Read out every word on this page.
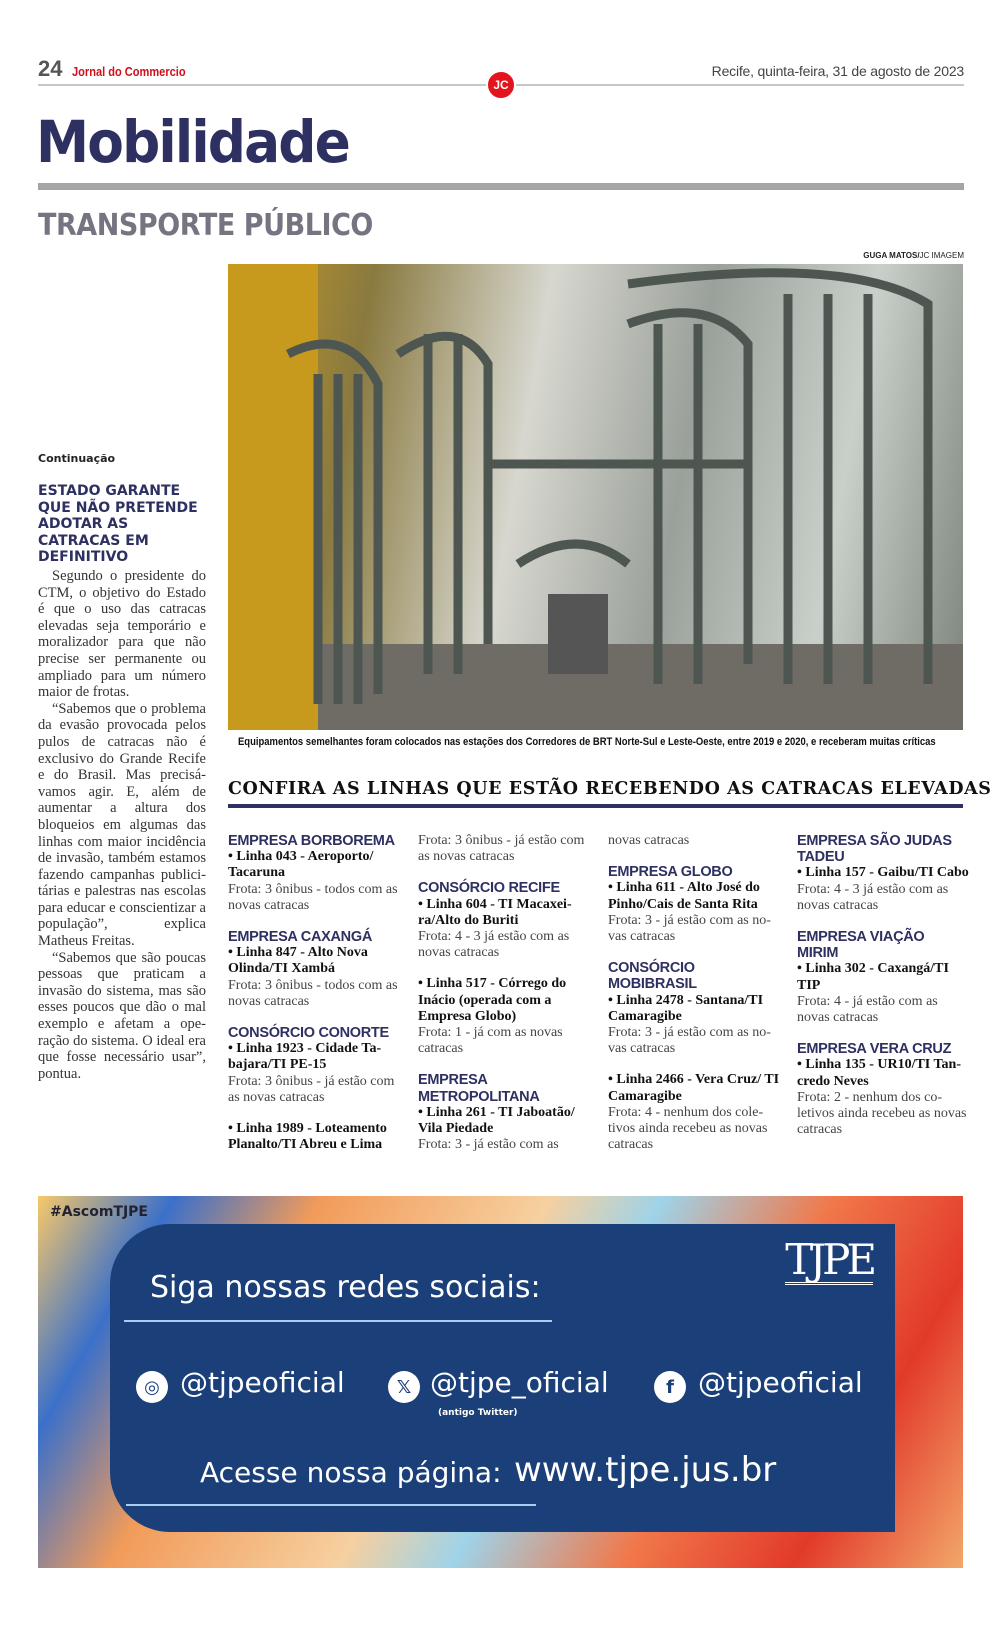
24 Jornal do Commercio	Recife, quinta-feira, 31 de agosto de 2023
JC
Mobilidade
TRANSPORTE PÚBLICO
GUGA MATOS/JC IMAGEM
Equipamentos semelhantes foram colocados nas estações dos Corredores de BRT Norte-Sul e Leste-Oeste, entre 2019 e 2020, e receberam muitas críticas
Continuação
ESTADO GARANTE QUE NÃO PRETENDE ADOTAR AS CATRACAS EM DEFINITIVO

Segundo o presidente do CTM, o objetivo do Estado é que o uso das catracas elevadas seja temporário e moralizador para que não precise ser permanente ou ampliado para um número maior de frotas.

“Sabemos que o problema da evasão provocada pelos pulos de catracas não é exclusivo do Grande Recife e do Brasil. Mas precisávamos agir. E, além de aumentar a altura dos bloqueios em algumas das linhas com maior incidência de invasão, também estamos fazendo campanhas publicitárias e palestras nas escolas para educar e conscientizar a população”, explica Matheus Freitas.

“Sabemos que são poucas pessoas que praticam a invasão do sistema, mas são esses poucos que dão o mal exemplo e afetam a operação do sistema. O ideal era que fosse necessário usar”, pontua.

CONFIRA AS LINHAS QUE ESTÃO RECEBENDO AS CATRACAS ELEVADAS
EMPRESA BORBOREMA
• Linha 043 - Aeroporto/ Tacaruna
Frota: 3 ônibus - todos com as novas catracas
EMPRESA CAXANGÁ
• Linha 847 - Alto Nova Olinda/TI Xambá
Frota: 3 ônibus - todos com as novas catracas
CONSÓRCIO CONORTE
• Linha 1923 - Cidade Tabajara/TI PE-15
Frota: 3 ônibus - já estão com as novas catracas
• Linha 1989 - Loteamento Planalto/TI Abreu e Lima
Frota: 3 ônibus - já estão com as novas catracas
CONSÓRCIO RECIFE
• Linha 604 - TI Macaxeira/Alto do Buriti
Frota: 4 - 3 já estão com as novas catracas
• Linha 517 - Córrego do Inácio (operada com a Empresa Globo)
Frota: 1 - já com as novas catracas
EMPRESA METROPOLITANA
• Linha 261 - TI Jaboatão/ Vila Piedade
Frota: 3 - já estão com as
novas catracas
EMPRESA GLOBO
• Linha 611 - Alto José do Pinho/Cais de Santa Rita
Frota: 3 - já estão com as novas catracas
CONSÓRCIO MOBIBRASIL
• Linha 2478 - Santana/TI Camaragibe
Frota: 3 - já estão com as novas catracas
• Linha 2466 - Vera Cruz/ TI Camaragibe
Frota: 4 - nenhum dos coletivos ainda recebeu as novas catracas
EMPRESA SÃO JUDAS TADEU
• Linha 157 - Gaibu/TI Cabo
Frota: 4 - 3 já estão com as novas catracas
EMPRESA VIAÇÃO MIRIM
• Linha 302 - Caxangá/TI TIP
Frota: 4 - já estão com as novas catracas
EMPRESA VERA CRUZ
• Linha 135 - UR10/TI Tancredo Neves
Frota: 2 - nenhum dos coletivos ainda recebeu as novas catracas
#AscomTJPE
TJPE
Siga nossas redes sociais:
◎ @tjpeoficial	𝕏 @tjpe_oficial
(antigo Twitter)
f @tjpeoficial
Acesse nossa página: www.tjpe.jus.br
